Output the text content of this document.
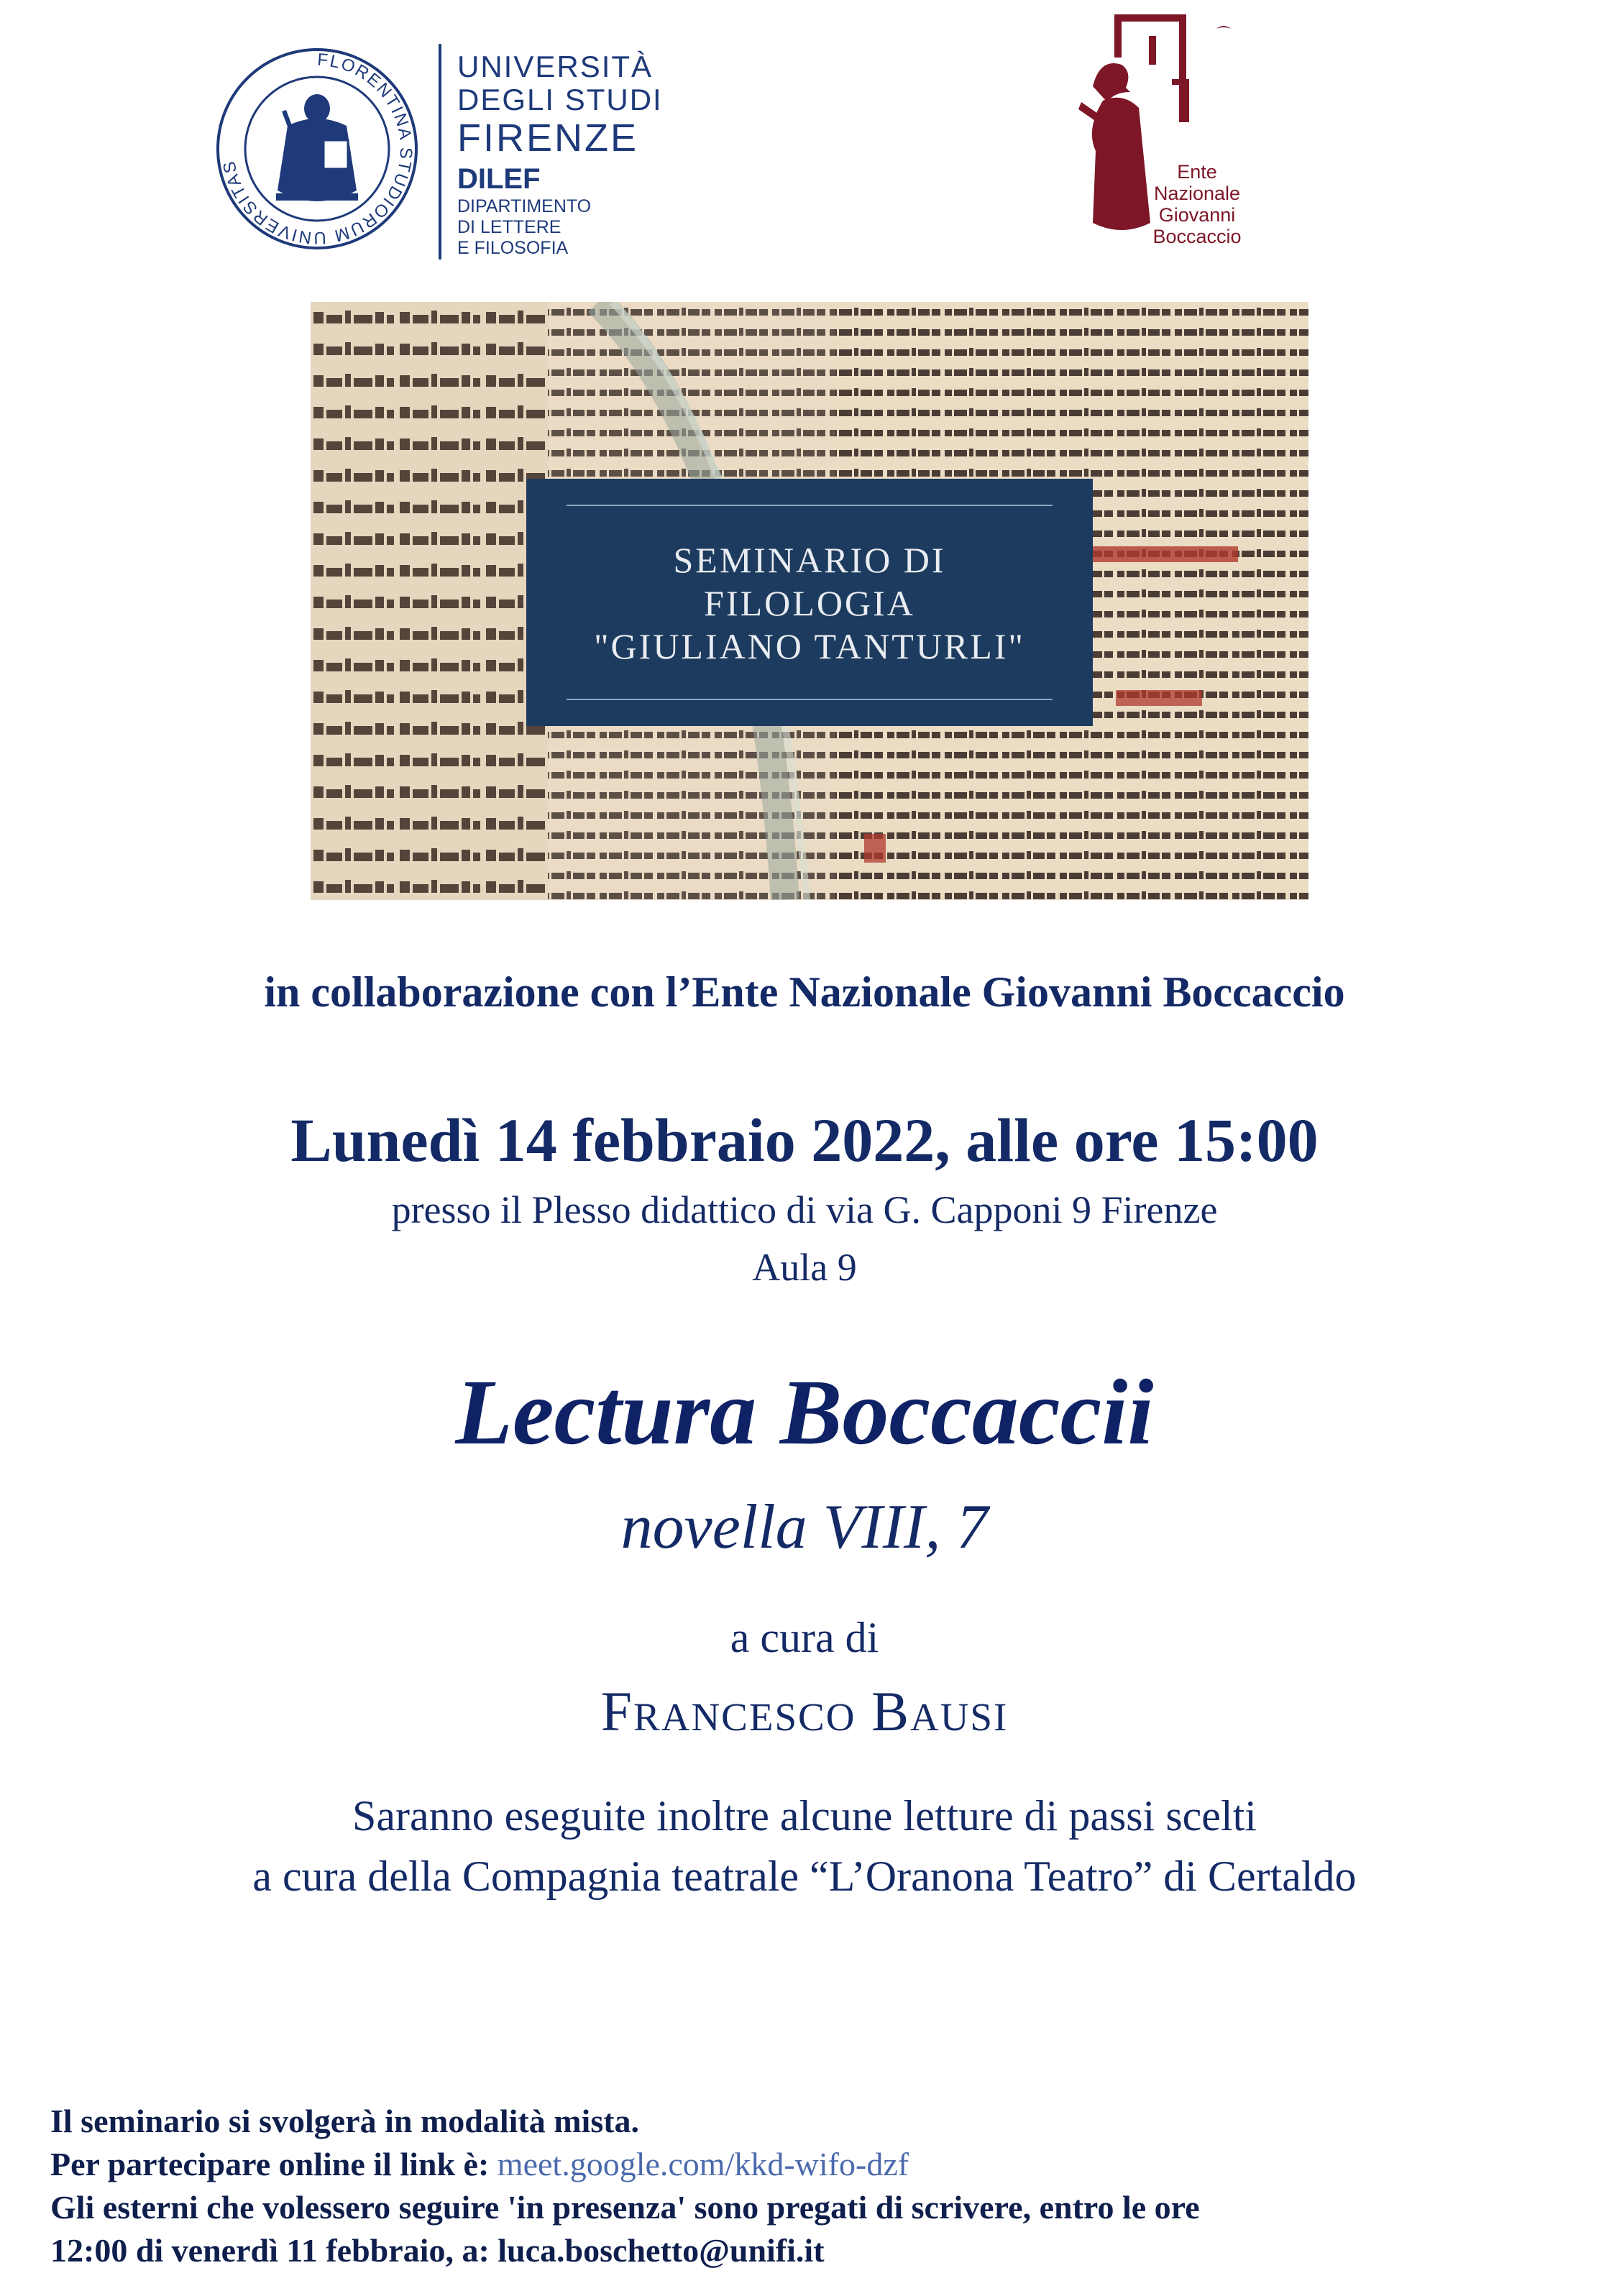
FLORENTINA STUDIORUM UNIVERSITAS
UNIVERSITÀ
DEGLI STUDI
FIRENZE
DILEF
DIPARTIMENTO
DI LETTERE
E FILOSOFIA
Ente
Nazionale
Giovanni
Boccaccio
SEMINARIO DI
FILOLOGIA
"GIULIANO TANTURLI"
in collaborazione con l’Ente Nazionale Giovanni Boccaccio
Lunedì 14 febbraio 2022, alle ore 15:00
presso il Plesso didattico di via G. Capponi 9 Firenze
Aula 9
Lectura Boccaccii
novella VIII, 7
a cura di
Francesco Bausi
Saranno eseguite inoltre alcune letture di passi scelti
a cura della Compagnia teatrale “L’Oranona Teatro” di Certaldo
Il seminario si svolgerà in modalità mista.
Per partecipare online il link è: meet.google.com/kkd-wifo-dzf
Gli esterni che volessero seguire 'in presenza' sono pregati di scrivere, entro le ore
12:00 di venerdì 11 febbraio, a: luca.boschetto@unifi.it
